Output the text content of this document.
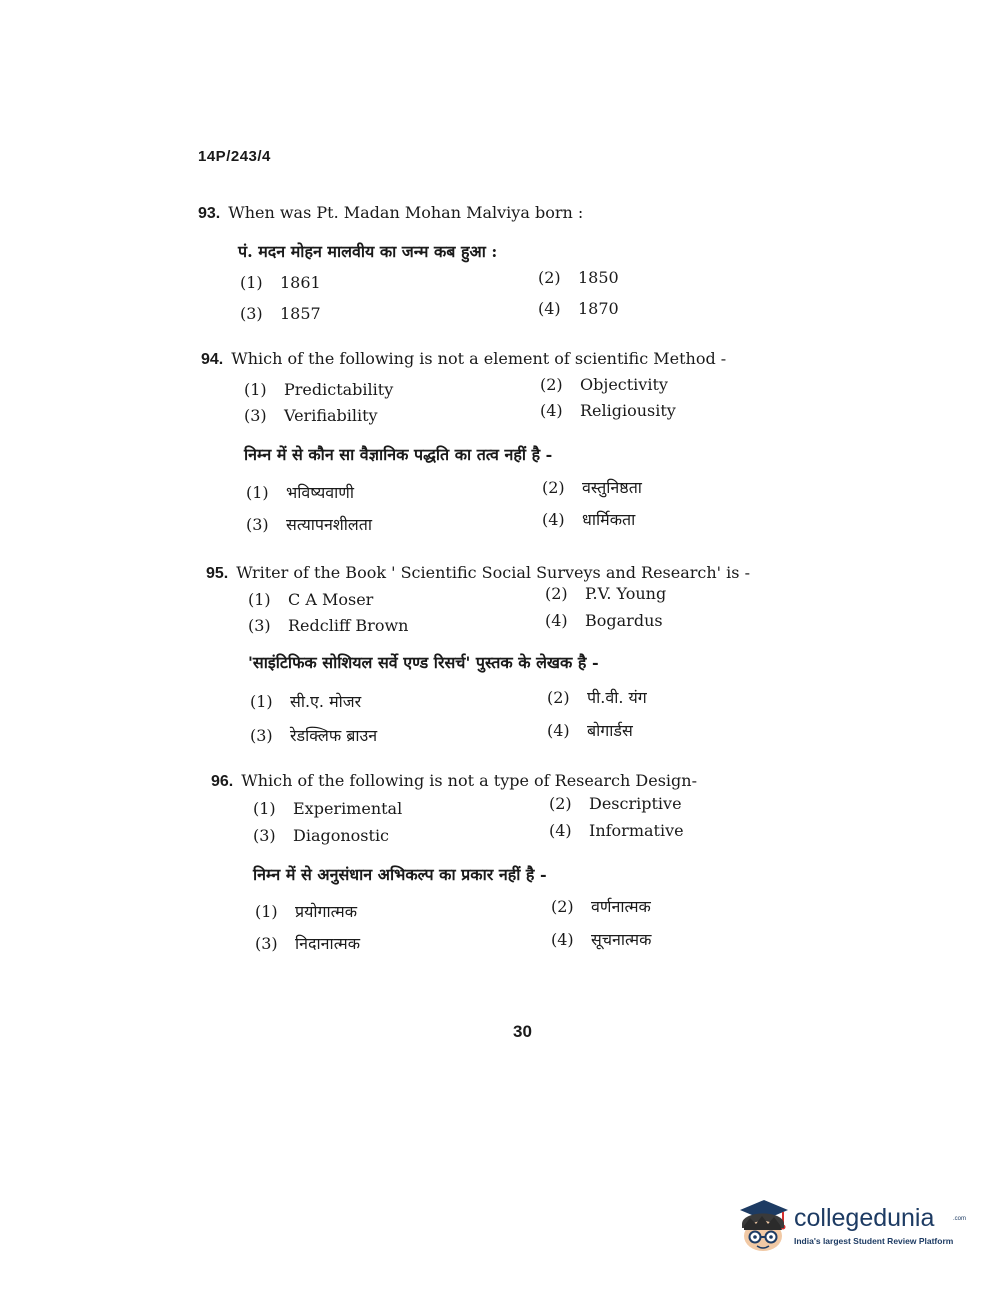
14P/243/4
93. When was Pt. Madan Mohan Malviya born :
पं. मदन मोहन मालवीय का जन्म कब हुआ :
(1) 1861	(2) 1850
(3) 1857	(4) 1870
94. Which of the following is not a element of scientific Method -
(1) Predictability	(2) Objectivity
(3) Verifiability	(4) Religiousity
निम्न में से कौन सा वैज्ञानिक पद्धति का तत्व नहीं है -
(1) भविष्यवाणी	(2) वस्तुनिष्ठता
(3) सत्यापनशीलता	(4) धार्मिकता
95. Writer of the Book ' Scientific Social Surveys and Research' is -
(1) C A Moser	(2) P.V. Young
(3) Redcliff Brown	(4) Bogardus
'साइंटिफिक सोशियल सर्वे एण्ड रिसर्च' पुस्तक के लेखक है -
(1) सी.ए. मोजर	(2) पी.वी. यंग
(3) रेडक्लिफ ब्राउन	(4) बोगार्डस
96. Which of the following is not a type of Research Design-
(1) Experimental	(2) Descriptive
(3) Diagonostic	(4) Informative
निम्न में से अनुसंधान अभिकल्प का प्रकार नहीं है -
(1) प्रयोगात्मक	(2) वर्णनात्मक
(3) निदानात्मक	(4) सूचनात्मक
30
collegedunia	.com
India's largest Student Review Platform
